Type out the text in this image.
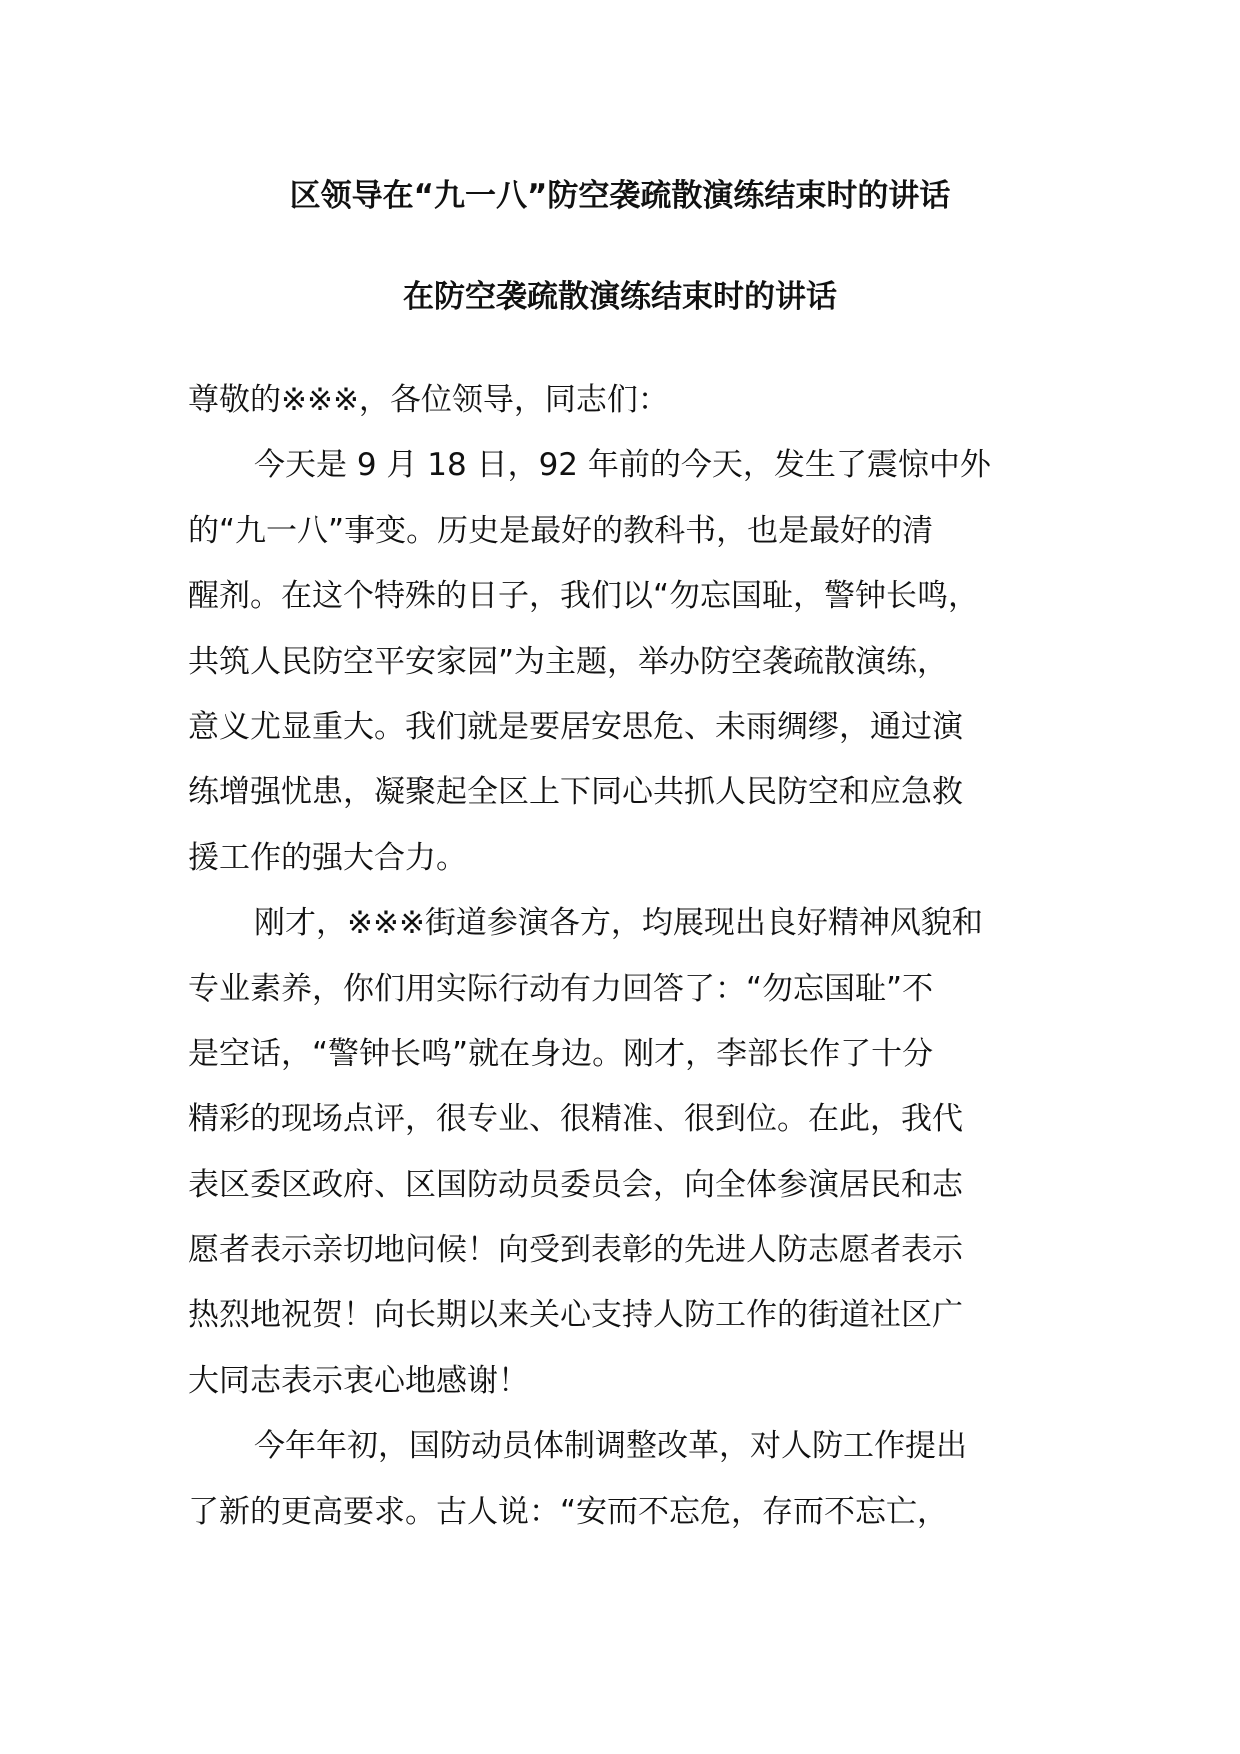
区领导在“九一八”防空袭疏散演练结束时的讲话
在防空袭疏散演练结束时的讲话

尊敬的※※※，各位领导，同志们：

今天是 9 月 18 日，92 年前的今天，发生了震惊中外
的“九一八”事变。历史是最好的教科书，也是最好的清
醒剂。在这个特殊的日子，我们以“勿忘国耻，警钟长鸣，
共筑人民防空平安家园”为主题，举办防空袭疏散演练，
意义尤显重大。我们就是要居安思危、未雨绸缪，通过演
练增强忧患，凝聚起全区上下同心共抓人民防空和应急救
援工作的强大合力。
刚才，※※※街道参演各方，均展现出良好精神风貌和
专业素养，你们用实际行动有力回答了：“勿忘国耻”不
是空话，“警钟长鸣”就在身边。刚才，李部长作了十分
精彩的现场点评，很专业、很精准、很到位。在此，我代
表区委区政府、区国防动员委员会，向全体参演居民和志
愿者表示亲切地问候！向受到表彰的先进人防志愿者表示
热烈地祝贺！向长期以来关心支持人防工作的街道社区广
大同志表示衷心地感谢！
今年年初，国防动员体制调整改革，对人防工作提出
了新的更高要求。古人说：“安而不忘危，存而不忘亡，
